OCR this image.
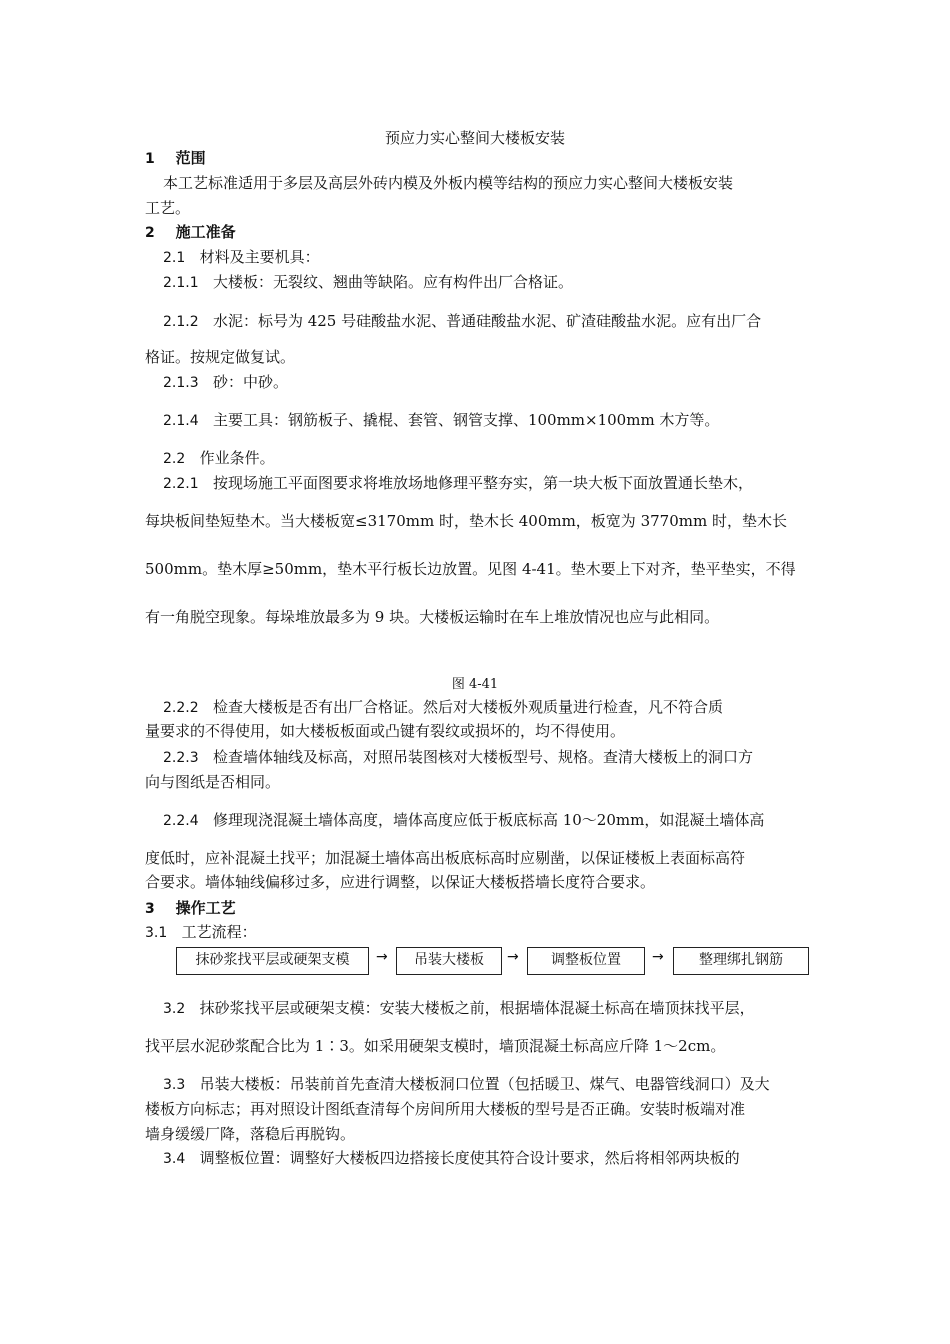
预应力实心整间大楼板安装
1 范围
本工艺标准适用于多层及高层外砖内模及外板内模等结构的预应力实心整间大楼板安装
工艺。
2 施工准备
2.1 材料及主要机具：
2.1.1 大楼板：无裂纹、翘曲等缺陷。应有构件出厂合格证。
2.1.2 水泥：标号为 425 号硅酸盐水泥、普通硅酸盐水泥、矿渣硅酸盐水泥。应有出厂合
格证。按规定做复试。
2.1.3 砂：中砂。
2.1.4 主要工具：钢筋板子、撬棍、套管、钢管支撑、100mm×100mm 木方等。
2.2 作业条件。
2.2.1 按现场施工平面图要求将堆放场地修理平整夯实，第一块大板下面放置通长垫木，
每块板间垫短垫木。当大楼板宽≤3170mm 时，垫木长 400mm，板宽为 3770mm 时，垫木长
500mm。垫木厚≥50mm，垫木平行板长边放置。见图 4-41。垫木要上下对齐，垫平垫实，不得
有一角脱空现象。每垛堆放最多为 9 块。大楼板运输时在车上堆放情况也应与此相同。
图 4-41
2.2.2 检查大楼板是否有出厂合格证。然后对大楼板外观质量进行检查，凡不符合质
量要求的不得使用，如大楼板板面或凸键有裂纹或损坏的，均不得使用。
2.2.3 检查墙体轴线及标高，对照吊装图核对大楼板型号、规格。查清大楼板上的洞口方
向与图纸是否相同。
2.2.4 修理现浇混凝土墙体高度，墙体高度应低于板底标高 10～20mm，如混凝土墙体高
度低时，应补混凝土找平；加混凝土墙体高出板底标高时应剔凿，以保证楼板上表面标高符
合要求。墙体轴线偏移过多，应进行调整，以保证大楼板搭墙长度符合要求。
3 操作工艺
3.1 工艺流程：
抹砂浆找平层或硬架支模	→	吊装大楼板	→	调整板位置	→	整理绑扎钢筋
3.2 抹砂浆找平层或硬架支模：安装大楼板之前，根据墙体混凝土标高在墙顶抹找平层，
找平层水泥砂浆配合比为 1∶3。如采用硬架支模时，墙顶混凝土标高应斤降 1～2cm。
3.3 吊装大楼板：吊装前首先查清大楼板洞口位置（包括暖卫、煤气、电器管线洞口）及大
楼板方向标志；再对照设计图纸查清每个房间所用大楼板的型号是否正确。安装时板端对准
墙身缓缓厂降，落稳后再脱钩。
3.4 调整板位置：调整好大楼板四边搭接长度使其符合设计要求，然后将相邻两块板的
